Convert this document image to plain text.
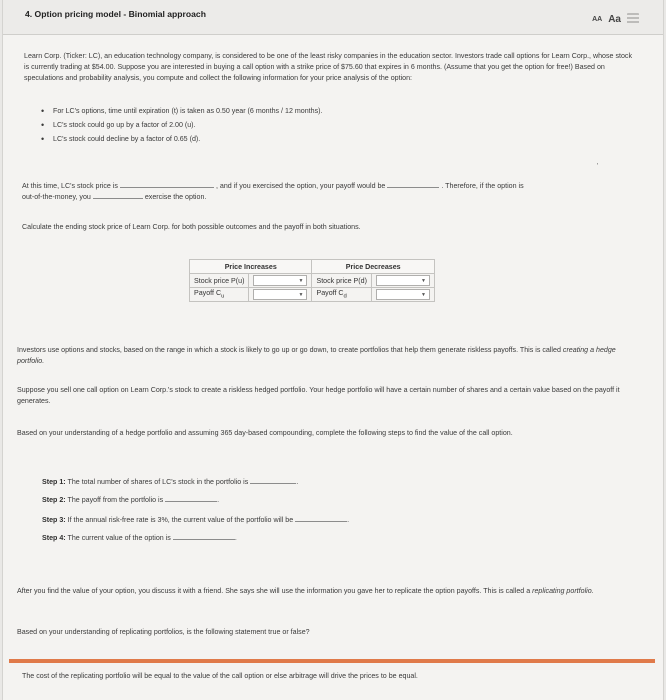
4. Option pricing model - Binomial approach	AA Aa
Learn Corp. (Ticker: LC), an education technology company, is considered to be one of the least risky companies in the education sector. Investors trade call options for Learn Corp., whose stock is currently trading at $54.00. Suppose you are interested in buying a call option with a strike price of $75.60 that expires in 6 months. (Assume that you get the option for free!) Based on speculations and probability analysis, you compute and collect the following information for your price analysis of the option:
• For LC's options, time until expiration (t) is taken as 0.50 year (6 months / 12 months).
• LC's stock could go up by a factor of 2.00 (u).
• LC's stock could decline by a factor of 0.65 (d).
'
At this time, LC's stock price is	, and if you exercised the option, your payoff would be	. Therefore, if the option is
out-of-the-money, you	exercise the option.
Calculate the ending stock price of Learn Corp. for both possible outcomes and the payoff in both situations.
Price Increases		Price Decreases	
Stock price P(u)	▼	Stock price P(d)	▼

Payoff $C_u$	▼	Payoff $C_d$	▼
Investors use options and stocks, based on the range in which a stock is likely to go up or go down, to create portfolios that help them generate riskless payoffs. This is called creating a hedge portfolio.
Suppose you sell one call option on Learn Corp.'s stock to create a riskless hedged portfolio. Your hedge portfolio will have a certain number of shares and a certain value based on the payoff it generates.
Based on your understanding of a hedge portfolio and assuming 365 day-based compounding, complete the following steps to find the value of the call option.
Step 1: The total number of shares of LC's stock in the portfolio is	.
Step 2: The payoff from the portfolio is	.
Step 3: If the annual risk-free rate is 3%, the current value of the portfolio will be	.
Step 4: The current value of the option is	.
After you find the value of your option, you discuss it with a friend. She says she will use the information you gave her to replicate the option payoffs. This is called a replicating portfolio.
Based on your understanding of replicating portfolios, is the following statement true or false?
The cost of the replicating portfolio will be equal to the value of the call option or else arbitrage will drive the prices to be equal.
